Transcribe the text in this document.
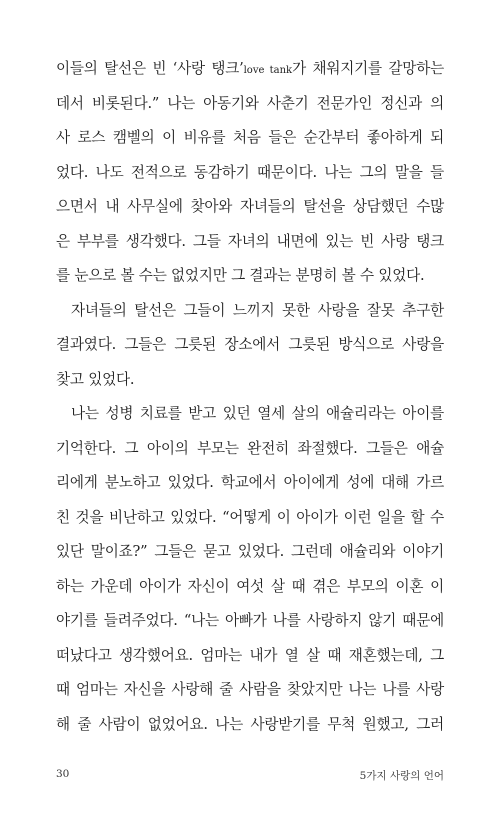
이들의 탈선은 빈 ‘사랑 탱크’love tank가 채워지기를 갈망하는
데서 비롯된다.” 나는 아동기와 사춘기 전문가인 정신과 의
사 로스 캠벨의 이 비유를 처음 들은 순간부터 좋아하게 되
었다. 나도 전적으로 동감하기 때문이다. 나는 그의 말을 들
으면서 내 사무실에 찾아와 자녀들의 탈선을 상담했던 수많
은 부부를 생각했다. 그들 자녀의 내면에 있는 빈 사랑 탱크
를 눈으로 볼 수는 없었지만 그 결과는 분명히 볼 수 있었다.
자녀들의 탈선은 그들이 느끼지 못한 사랑을 잘못 추구한
결과였다. 그들은 그릇된 장소에서 그릇된 방식으로 사랑을
찾고 있었다.
나는 성병 치료를 받고 있던 열세 살의 애슐리라는 아이를
기억한다. 그 아이의 부모는 완전히 좌절했다. 그들은 애슐
리에게 분노하고 있었다. 학교에서 아이에게 성에 대해 가르
친 것을 비난하고 있었다. “어떻게 이 아이가 이런 일을 할 수
있단 말이죠?” 그들은 묻고 있었다. 그런데 애슐리와 이야기
하는 가운데 아이가 자신이 여섯 살 때 겪은 부모의 이혼 이
야기를 들려주었다. “나는 아빠가 나를 사랑하지 않기 때문에
떠났다고 생각했어요. 엄마는 내가 열 살 때 재혼했는데, 그
때 엄마는 자신을 사랑해 줄 사람을 찾았지만 나는 나를 사랑
해 줄 사람이 없었어요. 나는 사랑받기를 무척 원했고, 그러
30	5가지 사랑의 언어
